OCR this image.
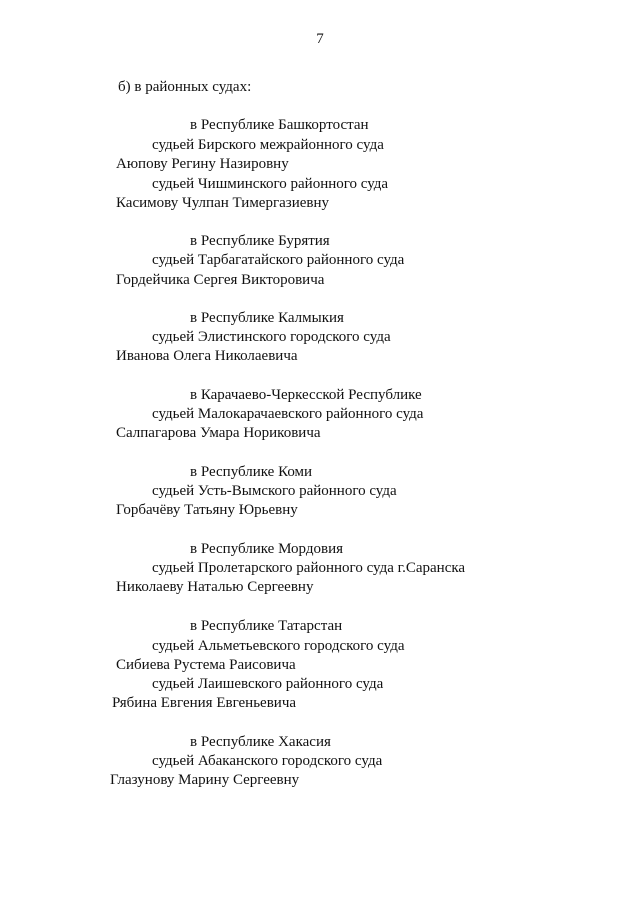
7
б) в районных судах:
в Республике Башкортостан
судьей Бирского межрайонного суда
Аюпову Регину Назировну
судьей Чишминского районного суда
Касимову Чулпан Тимергазиевну
в Республике Бурятия
судьей Тарбагатайского районного суда
Гордейчика Сергея Викторовича
в Республике Калмыкия
судьей Элистинского городского суда
Иванова Олега Николаевича
в Карачаево-Черкесской Республике
судьей Малокарачаевского районного суда
Салпагарова Умара Нориковича
в Республике Коми
судьей Усть-Вымского районного суда
Горбачёву Татьяну Юрьевну
в Республике Мордовия
судьей Пролетарского районного суда г.Саранска
Николаеву Наталью Сергеевну
в Республике Татарстан
судьей Альметьевского городского суда
Сибиева Рустема Раисовича
судьей Лаишевского районного суда
Рябина Евгения Евгеньевича
в Республике Хакасия
судьей Абаканского городского суда
Глазунову Марину Сергеевну
